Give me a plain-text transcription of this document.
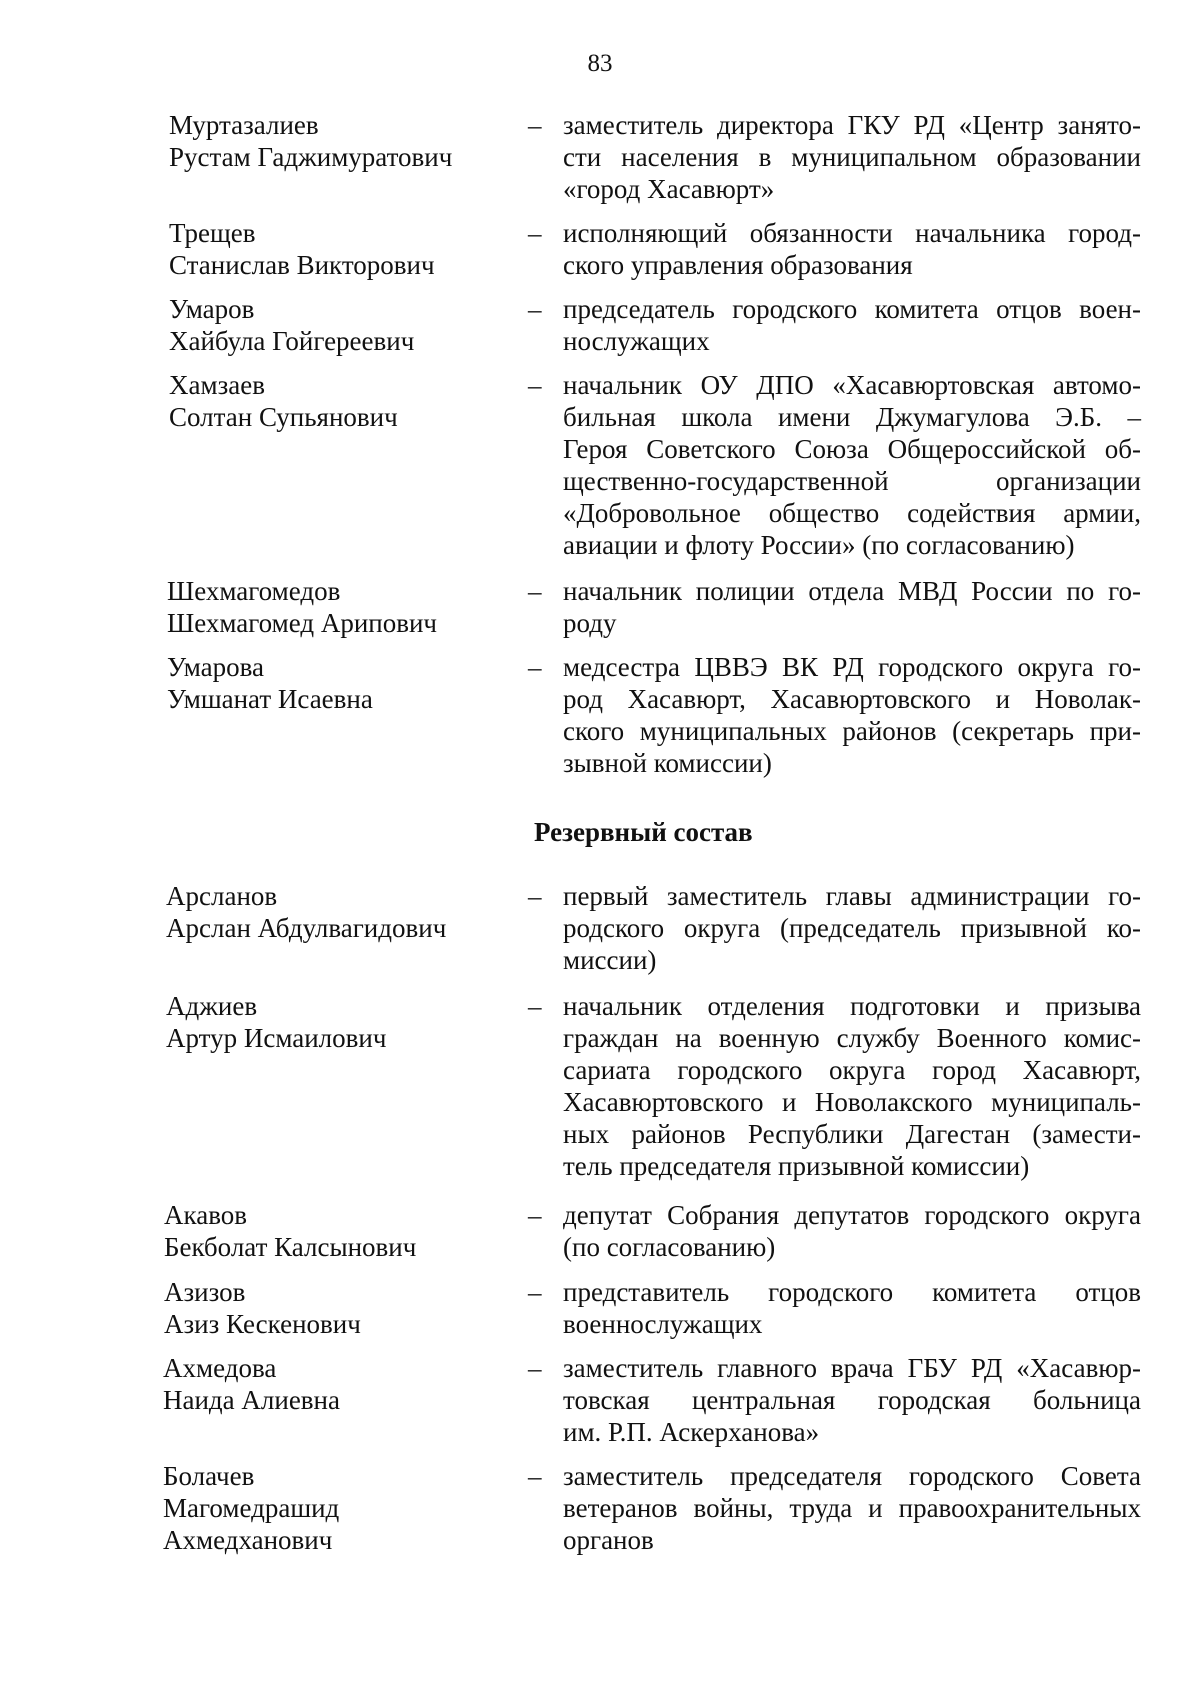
83
Муртазалиев
Рустам Гаджимуратович
– заместитель директора ГКУ РД «Центр занято-
сти населения в муниципальном образовании
«город Хасавюрт»
Трещев
Станислав Викторович
– исполняющий обязанности начальника город-
ского управления образования
Умаров
Хайбула Гойгереевич
– председатель городского комитета отцов воен-
нослужащих
Хамзаев
Солтан Супьянович
– начальник ОУ ДПО «Хасавюртовская автомо-
бильная школа имени Джумагулова Э.Б. –
Героя Советского Союза Общероссийской об-
щественно-государственной организации
«Добровольное общество содействия армии,
авиации и флоту России» (по согласованию)
Шехмагомедов
Шехмагомед Арипович
– начальник полиции отдела МВД России по го-
роду
Умарова
Умшанат Исаевна
– медсестра ЦВВЭ ВК РД городского округа го-
род Хасавюрт, Хасавюртовского и Новолак-
ского муниципальных районов (секретарь при-
зывной комиссии)
Резервный состав
Арсланов
Арслан Абдулвагидович
– первый заместитель главы администрации го-
родского округа (председатель призывной ко-
миссии)
Аджиев
Артур Исмаилович
– начальник отделения подготовки и призыва
граждан на военную службу Военного комис-
сариата городского округа город Хасавюрт,
Хасавюртовского и Новолакского муниципаль-
ных районов Республики Дагестан (замести-
тель председателя призывной комиссии)
Акавов
Бекболат Калсынович
– депутат Собрания депутатов городского округа
(по согласованию)
Азизов
Азиз Кескенович
– представитель городского комитета отцов
военнослужащих
Ахмедова
Наида Алиевна
– заместитель главного врача ГБУ РД «Хасавюр-
товская центральная городская больница
им. Р.П. Аскерханова»
Болачев
Магомедрашид
Ахмедханович
– заместитель председателя городского Совета
ветеранов войны, труда и правоохранительных
органов
